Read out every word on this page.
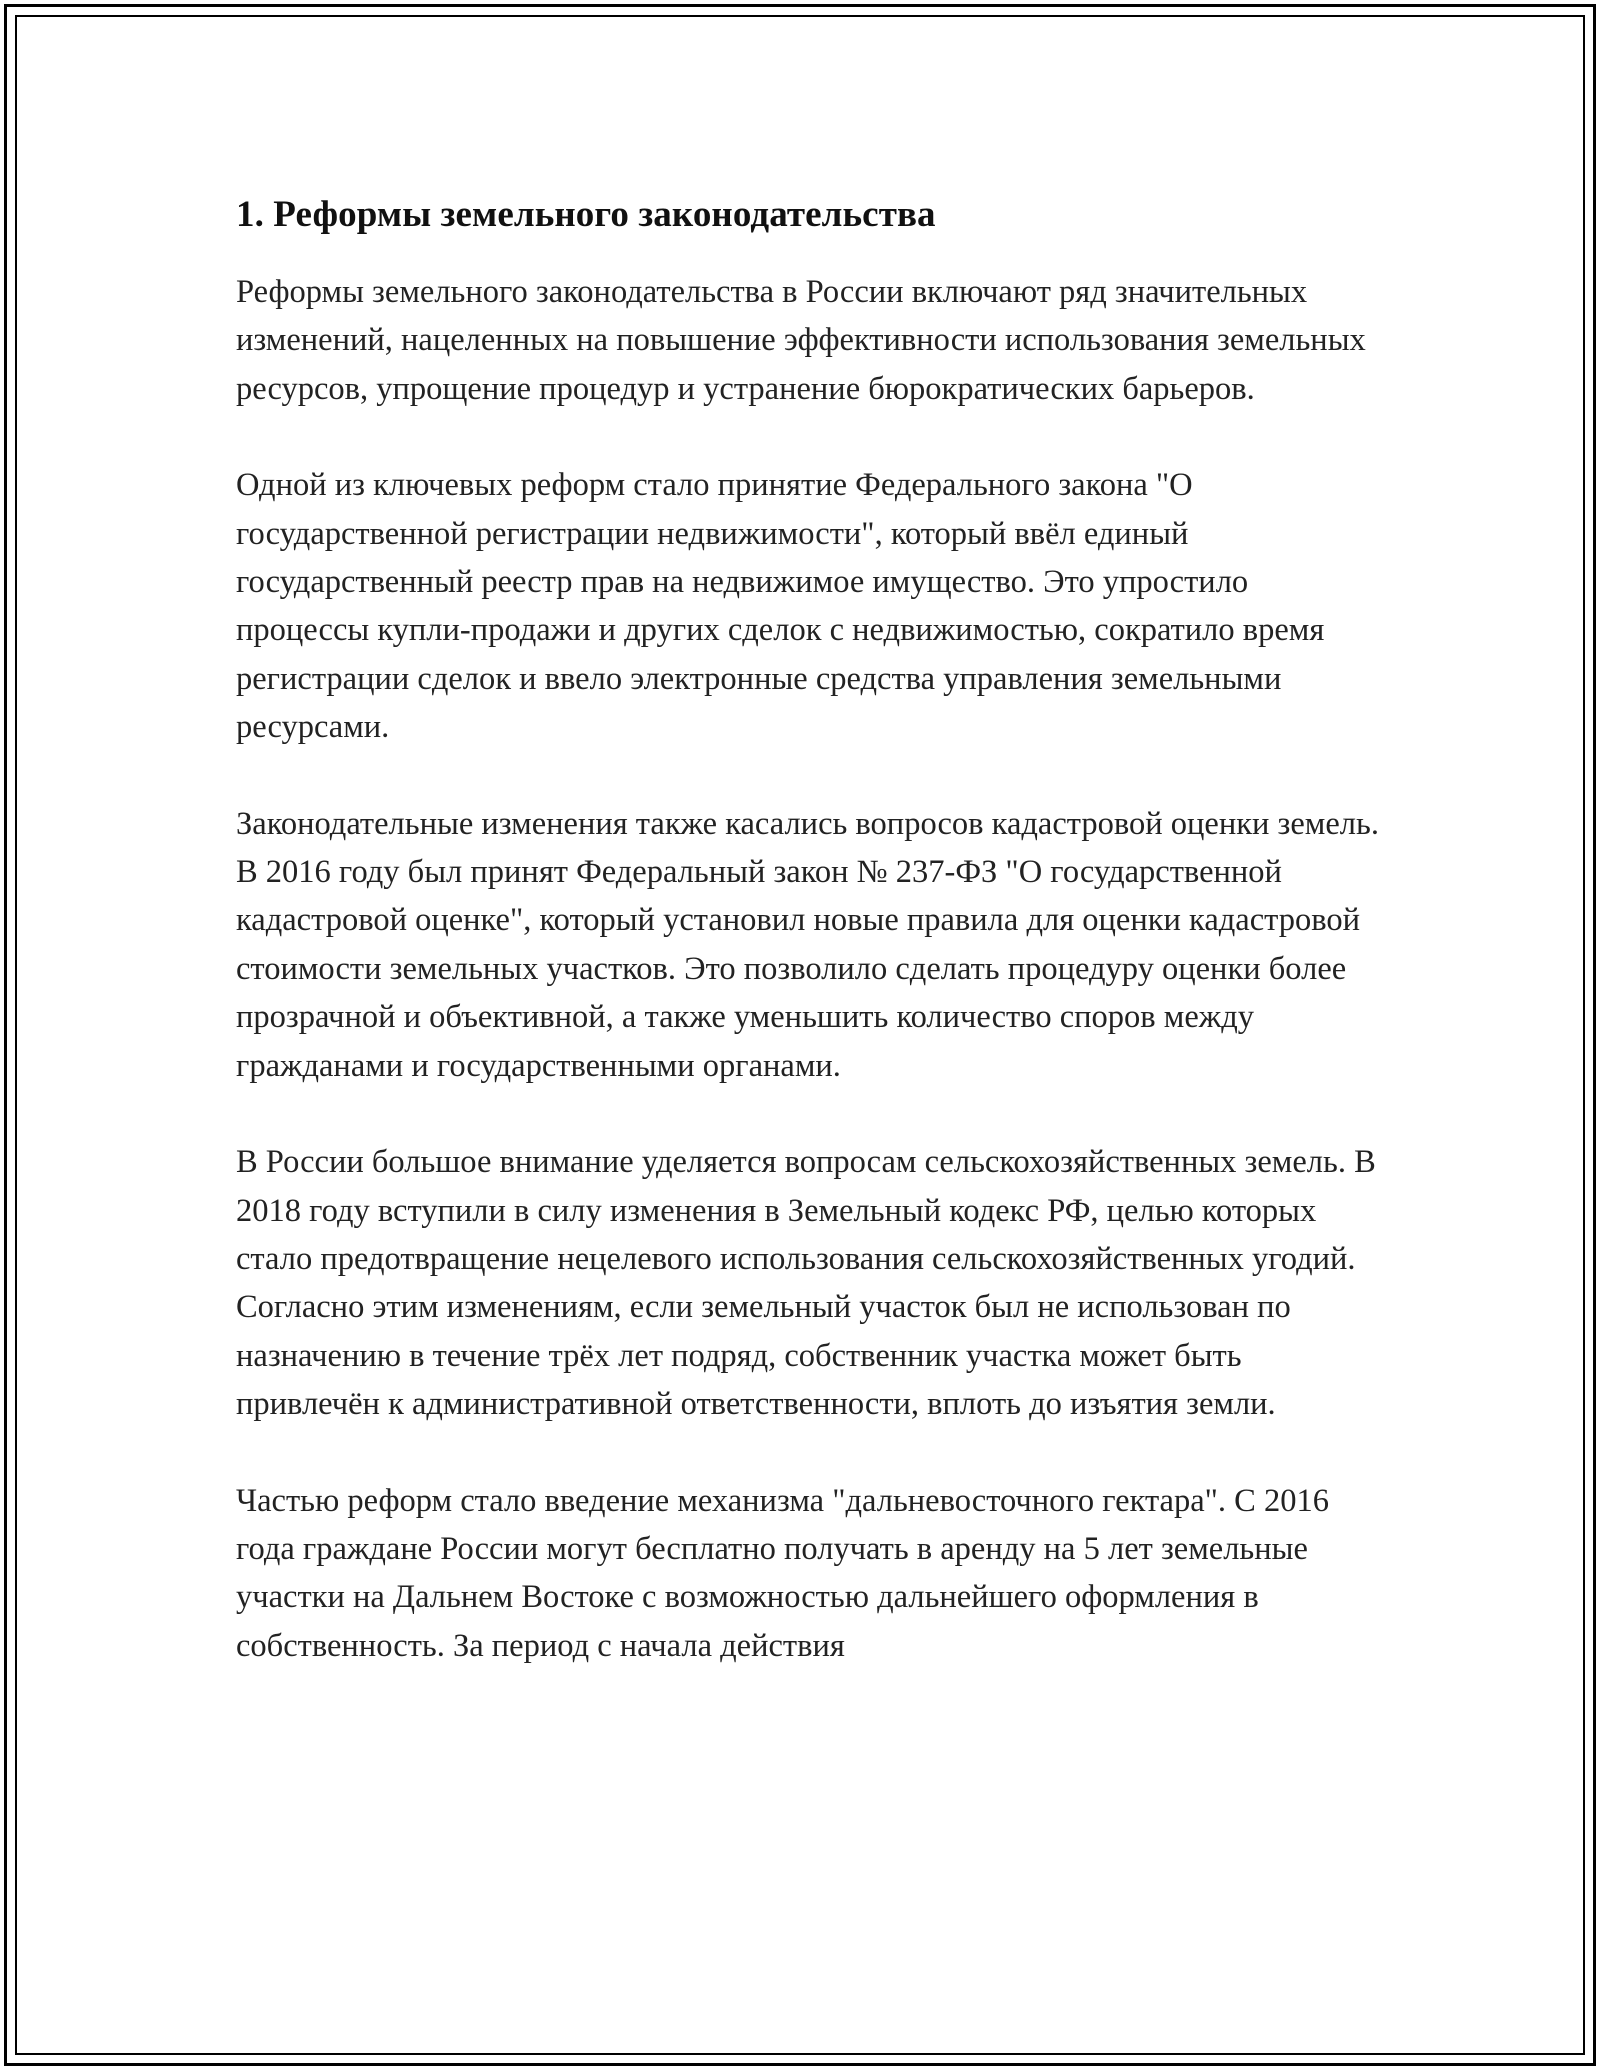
1. Реформы земельного законодательства

Реформы земельного законодательства в России включают ряд значительных изменений, нацеленных на повышение эффективности использования земельных ресурсов, упрощение процедур и устранение бюрократических барьеров.

Одной из ключевых реформ стало принятие Федерального закона "О государственной регистрации недвижимости", который ввёл единый государственный реестр прав на недвижимое имущество. Это упростило процессы купли-продажи и других сделок с недвижимостью, сократило время регистрации сделок и ввело электронные средства управления земельными ресурсами.

Законодательные изменения также касались вопросов кадастровой оценки земель. В 2016 году был принят Федеральный закон № 237-ФЗ "О государственной кадастровой оценке", который установил новые правила для оценки кадастровой стоимости земельных участков. Это позволило сделать процедуру оценки более прозрачной и объективной, а также уменьшить количество споров между гражданами и государственными органами.

В России большое внимание уделяется вопросам сельскохозяйственных земель. В 2018 году вступили в силу изменения в Земельный кодекс РФ, целью которых стало предотвращение нецелевого использования сельскохозяйственных угодий. Согласно этим изменениям, если земельный участок был не использован по назначению в течение трёх лет подряд, собственник участка может быть привлечён к административной ответственности, вплоть до изъятия земли.

Частью реформ стало введение механизма "дальневосточного гектара". С 2016 года граждане России могут бесплатно получать в аренду на 5 лет земельные участки на Дальнем Востоке с возможностью дальнейшего оформления в собственность. За период с начала действия
